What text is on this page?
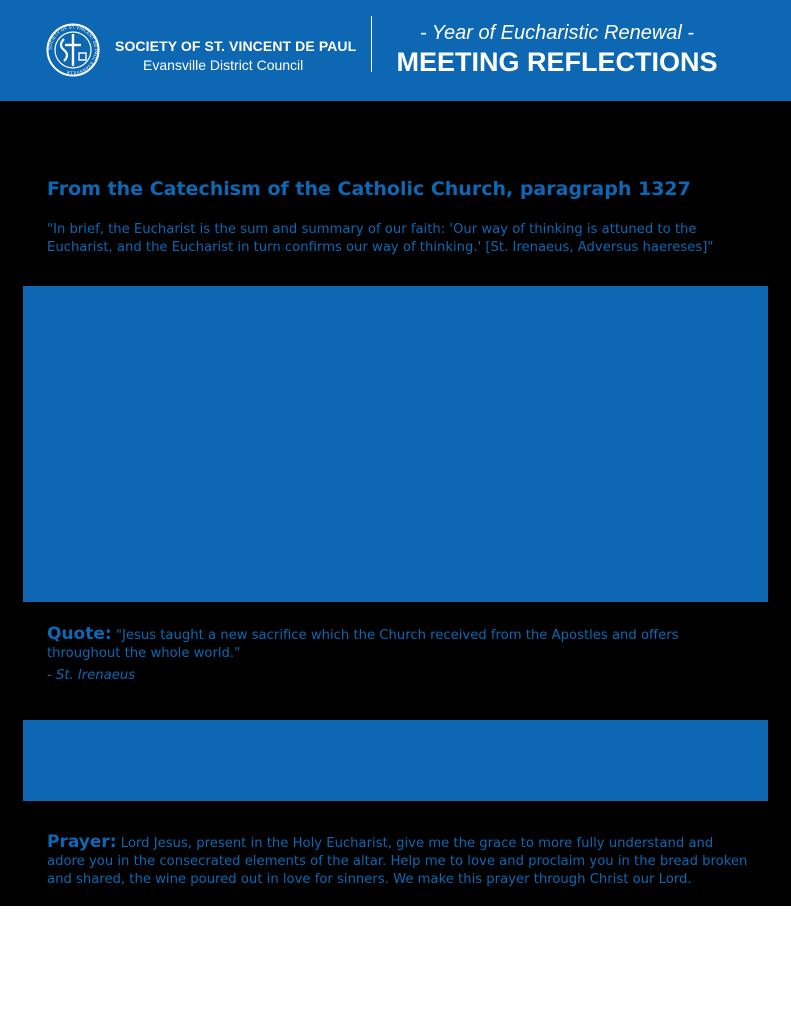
SOCIETY OF ST VINCENT DE PAUL EVANSVILLE
SOCIETY OF ST. VINCENT DE PAUL
Evansville District Council
- Year of Eucharistic Renewal -
MEETING REFLECTIONS
From the Catechism of the Catholic Church, paragraph 1327
"In brief, the Eucharist is the sum and summary of our faith: 'Our way of thinking is attuned to the Eucharist, and the Eucharist in turn confirms our way of thinking.' [St. Irenaeus, Adversus haereses]"
Quote: "Jesus taught a new sacrifice which the Church received from the Apostles and offers throughout the whole world."
- St. Irenaeus
Prayer: Lord Jesus, present in the Holy Eucharist, give me the grace to more fully understand and adore you in the consecrated elements of the altar. Help me to love and proclaim you in the bread broken and shared, the wine poured out in love for sinners. We make this prayer through Christ our Lord.
